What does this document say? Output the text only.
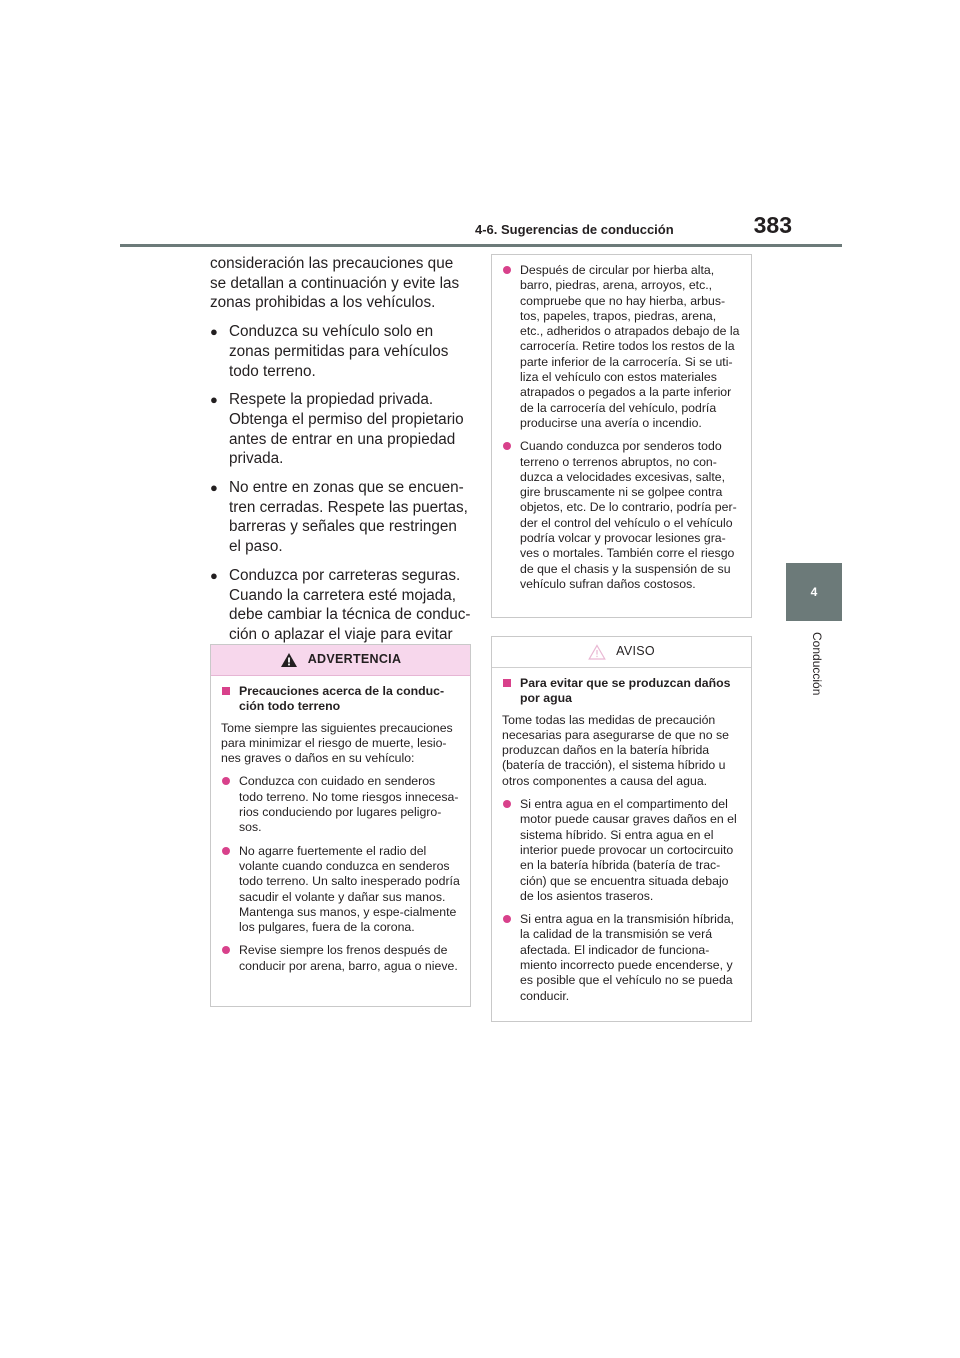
4-6. Sugerencias de conducción	383
4
Conducción

consideración las precauciones que se detallan a continuación y evite las zonas prohibidas a los vehículos.

● Conduzca su vehículo solo en zonas permitidas para vehículos todo terreno.
● Respete la propiedad privada. Obtenga el permiso del propietario antes de entrar en una propiedad privada.
● No entre en zonas que se encuen-tren cerradas. Respete las puertas, barreras y señales que restringen el paso.
● Conduzca por carreteras seguras. Cuando la carretera esté mojada, debe cambiar la técnica de conduc-ción o aplazar el viaje para evitar
ADVERTENCIA
Precauciones acerca de la conduc-ción todo terreno

Tome siempre las siguientes precauciones para minimizar el riesgo de muerte, lesio-nes graves o daños en su vehículo:

Conduzca con cuidado en senderos todo terreno. No tome riesgos innecesa-rios conduciendo por lugares peligro-sos.
No agarre fuertemente el radio del volante cuando conduzca en senderos todo terreno. Un salto inesperado podría sacudir el volante y dañar sus manos. Mantenga sus manos, y espe-cialmente los pulgares, fuera de la corona.
Revise siempre los frenos después de conducir por arena, barro, agua o nieve.
Después de circular por hierba alta, barro, piedras, arena, arroyos, etc., compruebe que no hay hierba, arbus-tos, papeles, trapos, piedras, arena, etc., adheridos o atrapados debajo de la carrocería. Retire todos los restos de la parte inferior de la carrocería. Si se uti-liza el vehículo con estos materiales atrapados o pegados a la parte inferior de la carrocería del vehículo, podría producirse una avería o incendio.
Cuando conduzca por senderos todo terreno o terrenos abruptos, no con-duzca a velocidades excesivas, salte, gire bruscamente ni se golpee contra objetos, etc. De lo contrario, podría per-der el control del vehículo o el vehículo podría volcar y provocar lesiones gra-ves o mortales. También corre el riesgo de que el chasis y la suspensión de su vehículo sufran daños costosos.
AVISO
Para evitar que se produzcan daños por agua

Tome todas las medidas de precaución necesarias para asegurarse de que no se produzcan daños en la batería híbrida (batería de tracción), el sistema híbrido u otros componentes a causa del agua.

Si entra agua en el compartimento del motor puede causar graves daños en el sistema híbrido. Si entra agua en el interior puede provocar un cortocircuito en la batería híbrida (batería de trac-ción) que se encuentra situada debajo de los asientos traseros.
Si entra agua en la transmisión híbrida, la calidad de la transmisión se verá afectada. El indicador de funciona-miento incorrecto puede encenderse, y es posible que el vehículo no se pueda conducir.
